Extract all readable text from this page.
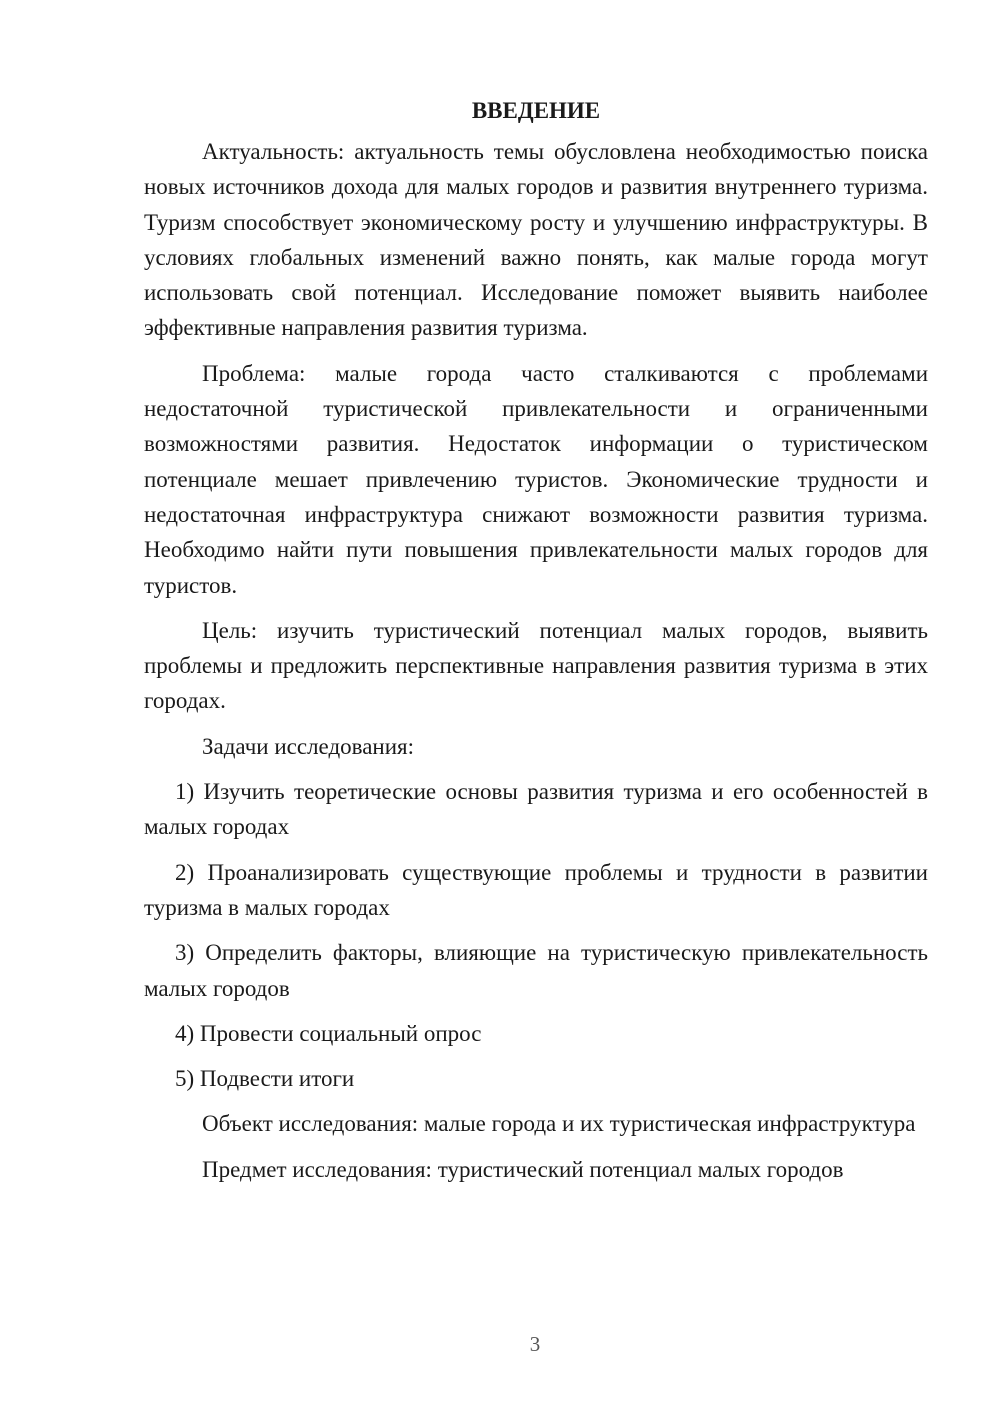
ВВЕДЕНИЕ

Актуальность: актуальность темы обусловлена необходимостью поиска новых источников дохода для малых городов и развития внутреннего туризма. Туризм способствует экономическому росту и улучшению инфраструктуры. В условиях глобальных изменений важно понять, как малые города могут использовать свой потенциал. Исследование поможет выявить наиболее эффективные направления развития туризма.

Проблема: малые города часто сталкиваются с проблемами недостаточной туристической привлекательности и ограниченными возможностями развития. Недостаток информации о туристическом потенциале мешает привлечению туристов. Экономические трудности и недостаточная инфраструктура снижают возможности развития туризма. Необходимо найти пути повышения привлекательности малых городов для туристов.

Цель: изучить туристический потенциал малых городов, выявить проблемы и предложить перспективные направления развития туризма в этих городах.

Задачи исследования:

1) Изучить теоретические основы развития туризма и его особенностей в малых городах

2) Проанализировать существующие проблемы и трудности в развитии туризма в малых городах

3) Определить факторы, влияющие на туристическую привлекательность малых городов

4) Провести социальный опрос

5) Подвести итоги

Объект исследования: малые города и их туристическая инфраструктура

Предмет исследования: туристический потенциал малых городов

3
